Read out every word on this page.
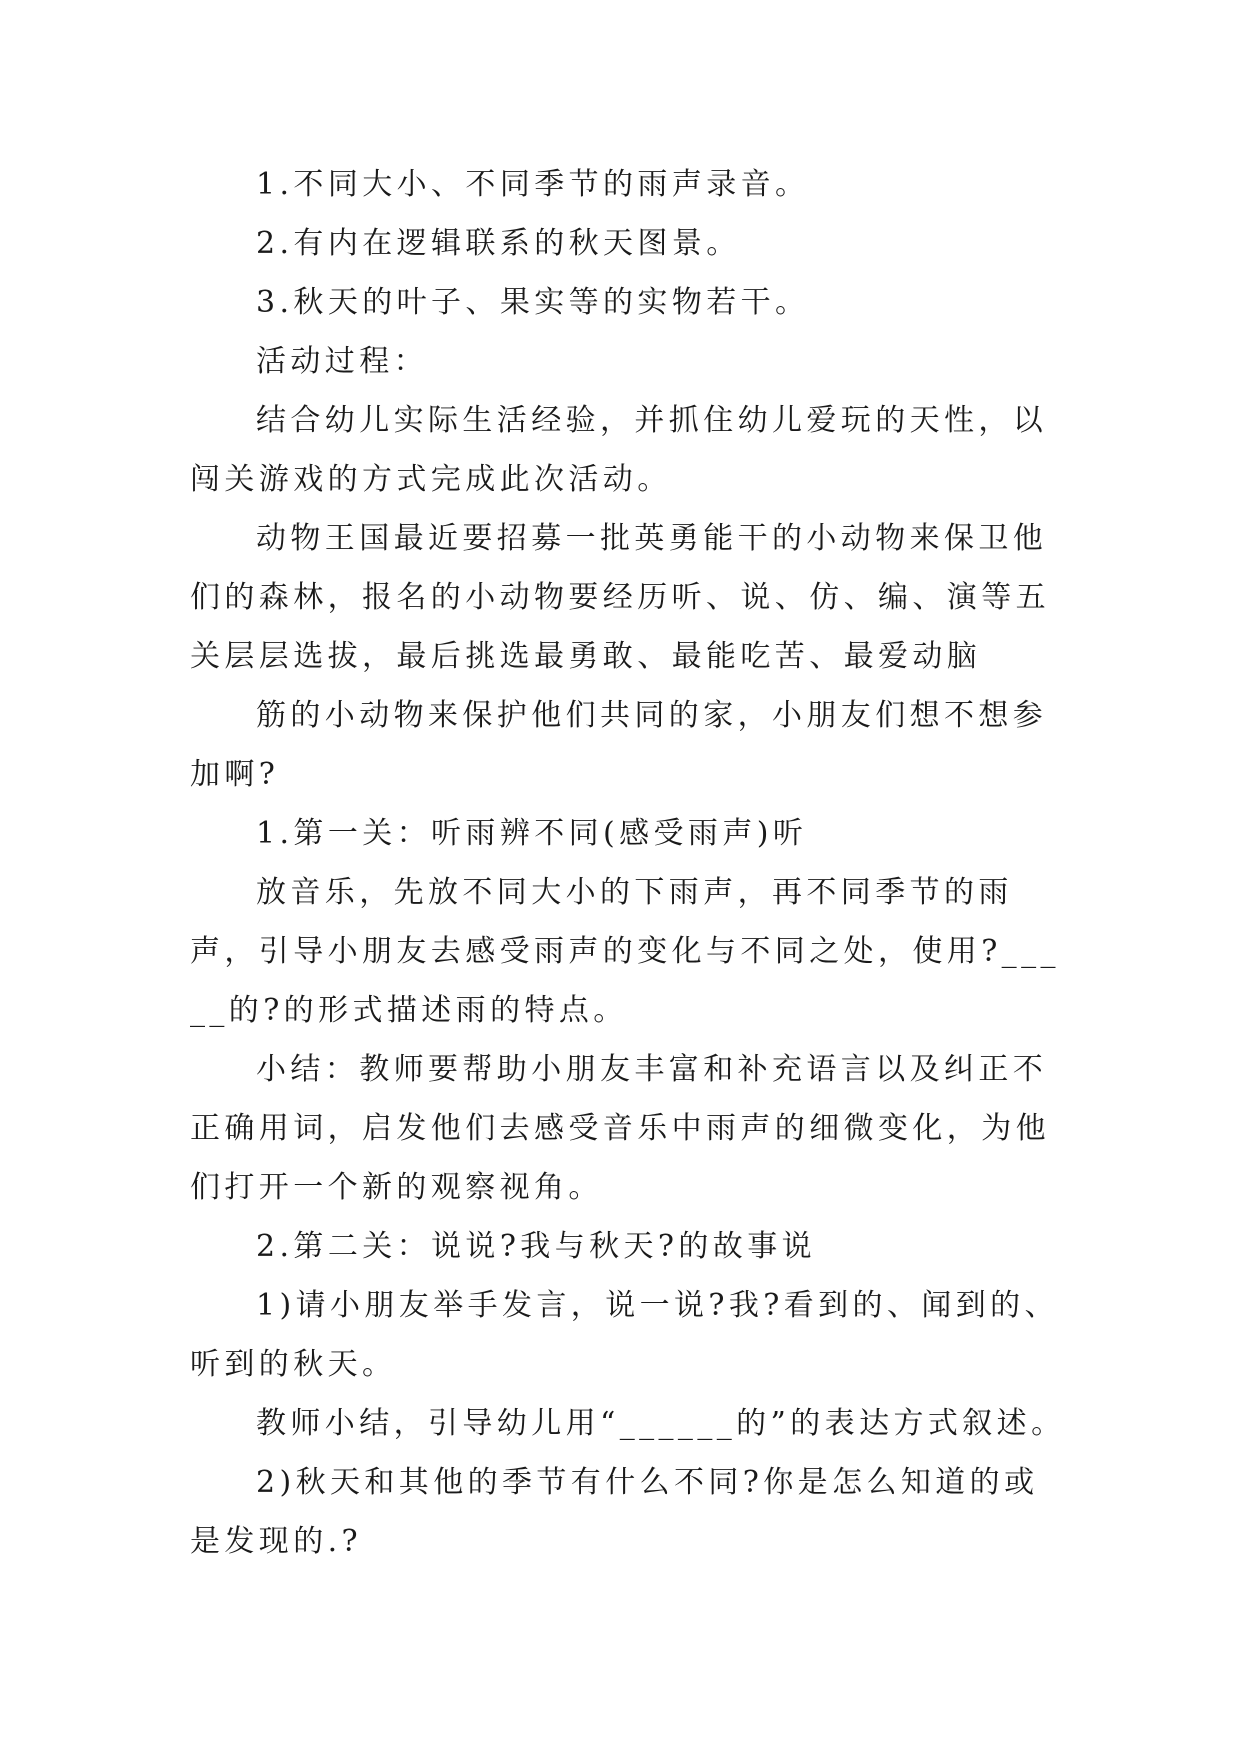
1.不同大小、不同季节的雨声录音。

2.有内在逻辑联系的秋天图景。

3.秋天的叶子、果实等的实物若干。

活动过程：

结合幼儿实际生活经验，并抓住幼儿爱玩的天性，以闯关游戏的方式完成此次活动。

动物王国最近要招募一批英勇能干的小动物来保卫他们的森林，报名的小动物要经历听、说、仿、编、演等五关层层选拔，最后挑选最勇敢、最能吃苦、最爱动脑

筋的小动物来保护他们共同的家，小朋友们想不想参加啊?

1.第一关：听雨辨不同(感受雨声)听

放音乐，先放不同大小的下雨声，再不同季节的雨声，引导小朋友去感受雨声的变化与不同之处，使用?_____的?的形式描述雨的特点。

小结：教师要帮助小朋友丰富和补充语言以及纠正不正确用词，启发他们去感受音乐中雨声的细微变化，为他们打开一个新的观察视角。

2.第二关：说说?我与秋天?的故事说

1)请小朋友举手发言，说一说?我?看到的、闻到的、听到的秋天。

教师小结，引导幼儿用“______的”的表达方式叙述。

2)秋天和其他的季节有什么不同?你是怎么知道的或是发现的.?
